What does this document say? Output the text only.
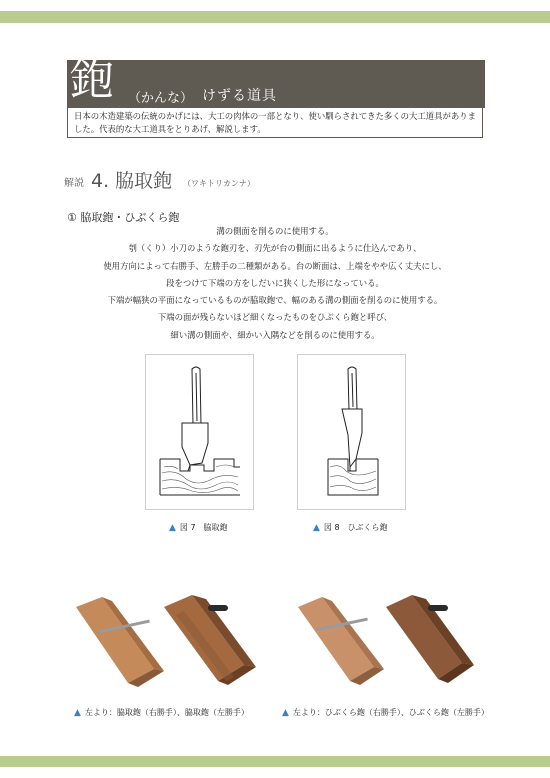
鉋 （かんな） けずる道具
日本の木造建築の伝統のかげには、大工の肉体の一部となり、使い馴らされてきた多くの大工道具がありました。代表的な大工道具をとりあげ、解説します。
解説 4. 脇取鉋 （ワキトリカンナ）
① 脇取鉋・ひぶくら鉋
溝の側面を削るのに使用する。
刳（くり）小刀のような鉋刃を、刃先が台の側面に出るように仕込んであり、
使用方向によって右勝手、左勝手の二種類がある。台の断面は、上端をやや広く丈夫にし、
段をつけて下端の方をしだいに狭くした形になっている。
下端が幅狭の平面になっているものが脇取鉋で、幅のある溝の側面を削るのに使用する。
下端の面が残らないほど細くなったものをひぶくら鉋と呼び、
細い溝の側面や、細かい入隅などを削るのに使用する。
▲ 図 7　脇取鉋	▲ 図 8　ひぶくら鉋
▲ 左より：脇取鉋（右勝手）、脇取鉋（左勝手）	▲ 左より：ひぶくら鉋（右勝手）、ひぶくら鉋（左勝手）
